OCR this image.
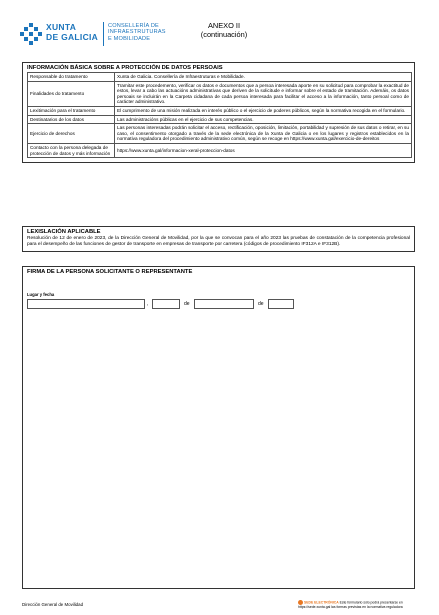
XUNTA
DE GALICIA
CONSELLERÍA DE
INFRAESTRUTURAS
E MOBILIDADE
ANEXO II
(continuación)
INFORMACIÓN BÁSICA SOBRE A PROTECCIÓN DE DATOS PERSOAIS
Responsable do tratamento	Xunta de Galicia. Consellería de Infraestruturas e Mobilidade.
Finalidades do tratamento	Tramitar este procedemento, verificar os datos e documentos que a persoa interesada aporte en su solicitud para comprobar la exactitud de estos, levar a cabo las actuacións administrativas que deriven de la solicitude e informar sobre el estado de tramitación. Ademáis, os datos persoais se incluirán en la Carpeta cidadana de cada persoa interesada para facilitar el acceso a la información, tanto persoal como de carácter administrativo.
Lexitimación para el tratamento	El cumprimento de una misión realizada en interés público o el ejercicio de poderes públicos, según la normativa recogida en el formulario.
Destinatarios de los datos	Las administracións públicas en el ejercicio de sus competencias.
Ejercicio de derechos	Las personas interesadas podrán solicitar el acceso, rectificación, oposición, limitación, portabilidad y supresión de sus datos o retirar, en su caso, el consentimento otorgado a través de la sede electrónica de la Xunta de Galicia o en los lugares y registros establecidos en la normativa reguladora del procedimiento administrativo común, según se recoge en https://www.xunta.gal/exercicio-de-dereitos
Contacto con la persona delegada de protección de datos y más información	https://www.xunta.gal/informacion-xeral-proteccion-datos
LEXISLACIÓN APLICABLE
Resolución de 12 de enero de 2023, de la Dirección General de Movilidad, por la que se convocan para el año 2023 las pruebas de constatación de la competencia profesional para el desempeño de las funciones de gestor de transporte en empresas de transporte por carretera (códigos de procedimiento IF312A e IF312B).
FIRMA DE LA PERSONA SOLICITANTE O REPRESENTANTE
Lugar y fecha
,	de	de
Dirección General de Movilidad	SEDE ELECTRÓNICA Este formulario sólo podrá presentarse en https://sede.xunta.gal las formas previstas en la normativa reguladora
